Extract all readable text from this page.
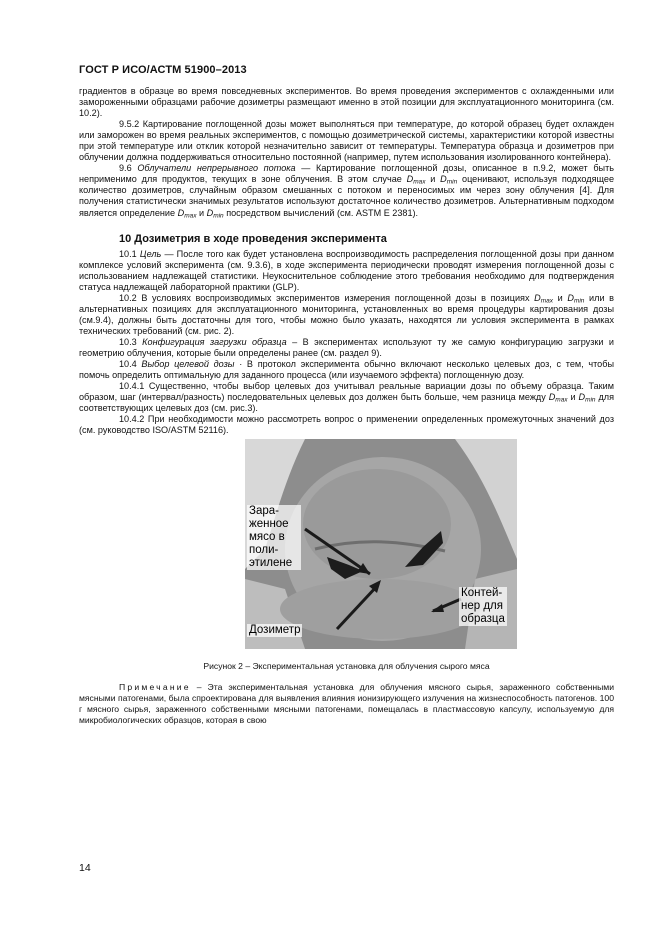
ГОСТ Р ИСО/АСТМ 51900–2013

градиентов в образце во время повседневных экспериментов. Во время проведения экспериментов с охлажденными или замороженными образцами рабочие дозиметры размещают именно в этой позиции для эксплуатационного мониторинга (см. 10.2).

9.5.2 Картирование поглощенной дозы может выполняться при температуре, до которой образец будет охлажден или заморожен во время реальных экспериментов, с помощью дозиметрической системы, характеристики которой известны при этой температуре или отклик которой незначительно зависит от температуры. Температура образца и дозиметров при облучении должна поддерживаться относительно постоянной (например, путем использования изолированного контейнера).

9.6 Облучатели непрерывного потока — Картирование поглощенной дозы, описанное в п.9.2, может быть неприменимо для продуктов, текущих в зоне облучения. В этом случае $D_{max}$ и $D_{min}$ оценивают, используя подходящее количество дозиметров, случайным образом смешанных с потоком и переносимых им через зону облучения [4]. Для получения статистически значимых результатов используют достаточное количество дозиметров. Альтернативным подходом является определение $D_{max}$ и $D_{min}$ посредством вычислений (см. ASTM E 2381).

10 Дозиметрия в ходе проведения эксперимента

10.1 Цель — После того как будет установлена воспроизводимость распределения поглощенной дозы при данном комплексе условий эксперимента (см. 9.3.6), в ходе эксперимента периодически проводят измерения поглощенной дозы с использованием надлежащей статистики. Неукоснительное соблюдение этого требования необходимо для подтверждения статуса надлежащей лабораторной практики (GLP).

10.2 В условиях воспроизводимых экспериментов измерения поглощенной дозы в позициях $D_{max}$ и $D_{min}$ или в альтернативных позициях для эксплуатационного мониторинга, установленных во время процедуры картирования дозы (см.9.4), должны быть достаточны для того, чтобы можно было указать, находятся ли условия эксперимента в рамках технических требований (см. рис. 2).

10.3 Конфигурация загрузки образца – В экспериментах используют ту же самую конфигурацию загрузки и геометрию облучения, которые были определены ранее (см. раздел 9).

10.4 Выбор целевой дозы · В протокол эксперимента обычно включают несколько целевых доз, с тем, чтобы помочь определить оптимальную для заданного процесса (или изучаемого эффекта) поглощенную дозу.

10.4.1 Существенно, чтобы выбор целевых доз учитывал реальные вариации дозы по объему образца. Таким образом, шаг (интервал/разность) последовательных целевых доз должен быть больше, чем разница между $D_{max}$ и $D_{min}$ для соответствующих целевых доз (см. рис.3).

10.4.2 При необходимости можно рассмотреть вопрос о применении определенных промежуточных значений доз (см. руководство ISO/ASTM 52116).

Зара-
женное
мясо в
поли-
этилене
Контей-
нер для
образца
Дозиметр
Рисунок 2 – Экспериментальная установка для облучения сырого мяса

Примечание – Эта экспериментальная установка для облучения мясного сырья, зараженного собственными мясными патогенами, была спроектирована для выявления влияния ионизирующего излучения на жизнеспособность патогенов. 100 г мясного сырья, зараженного собственными мясными патогенами, помещалась в пластмассовую капсулу, используемую для микробиологических образцов, которая в свою

14
